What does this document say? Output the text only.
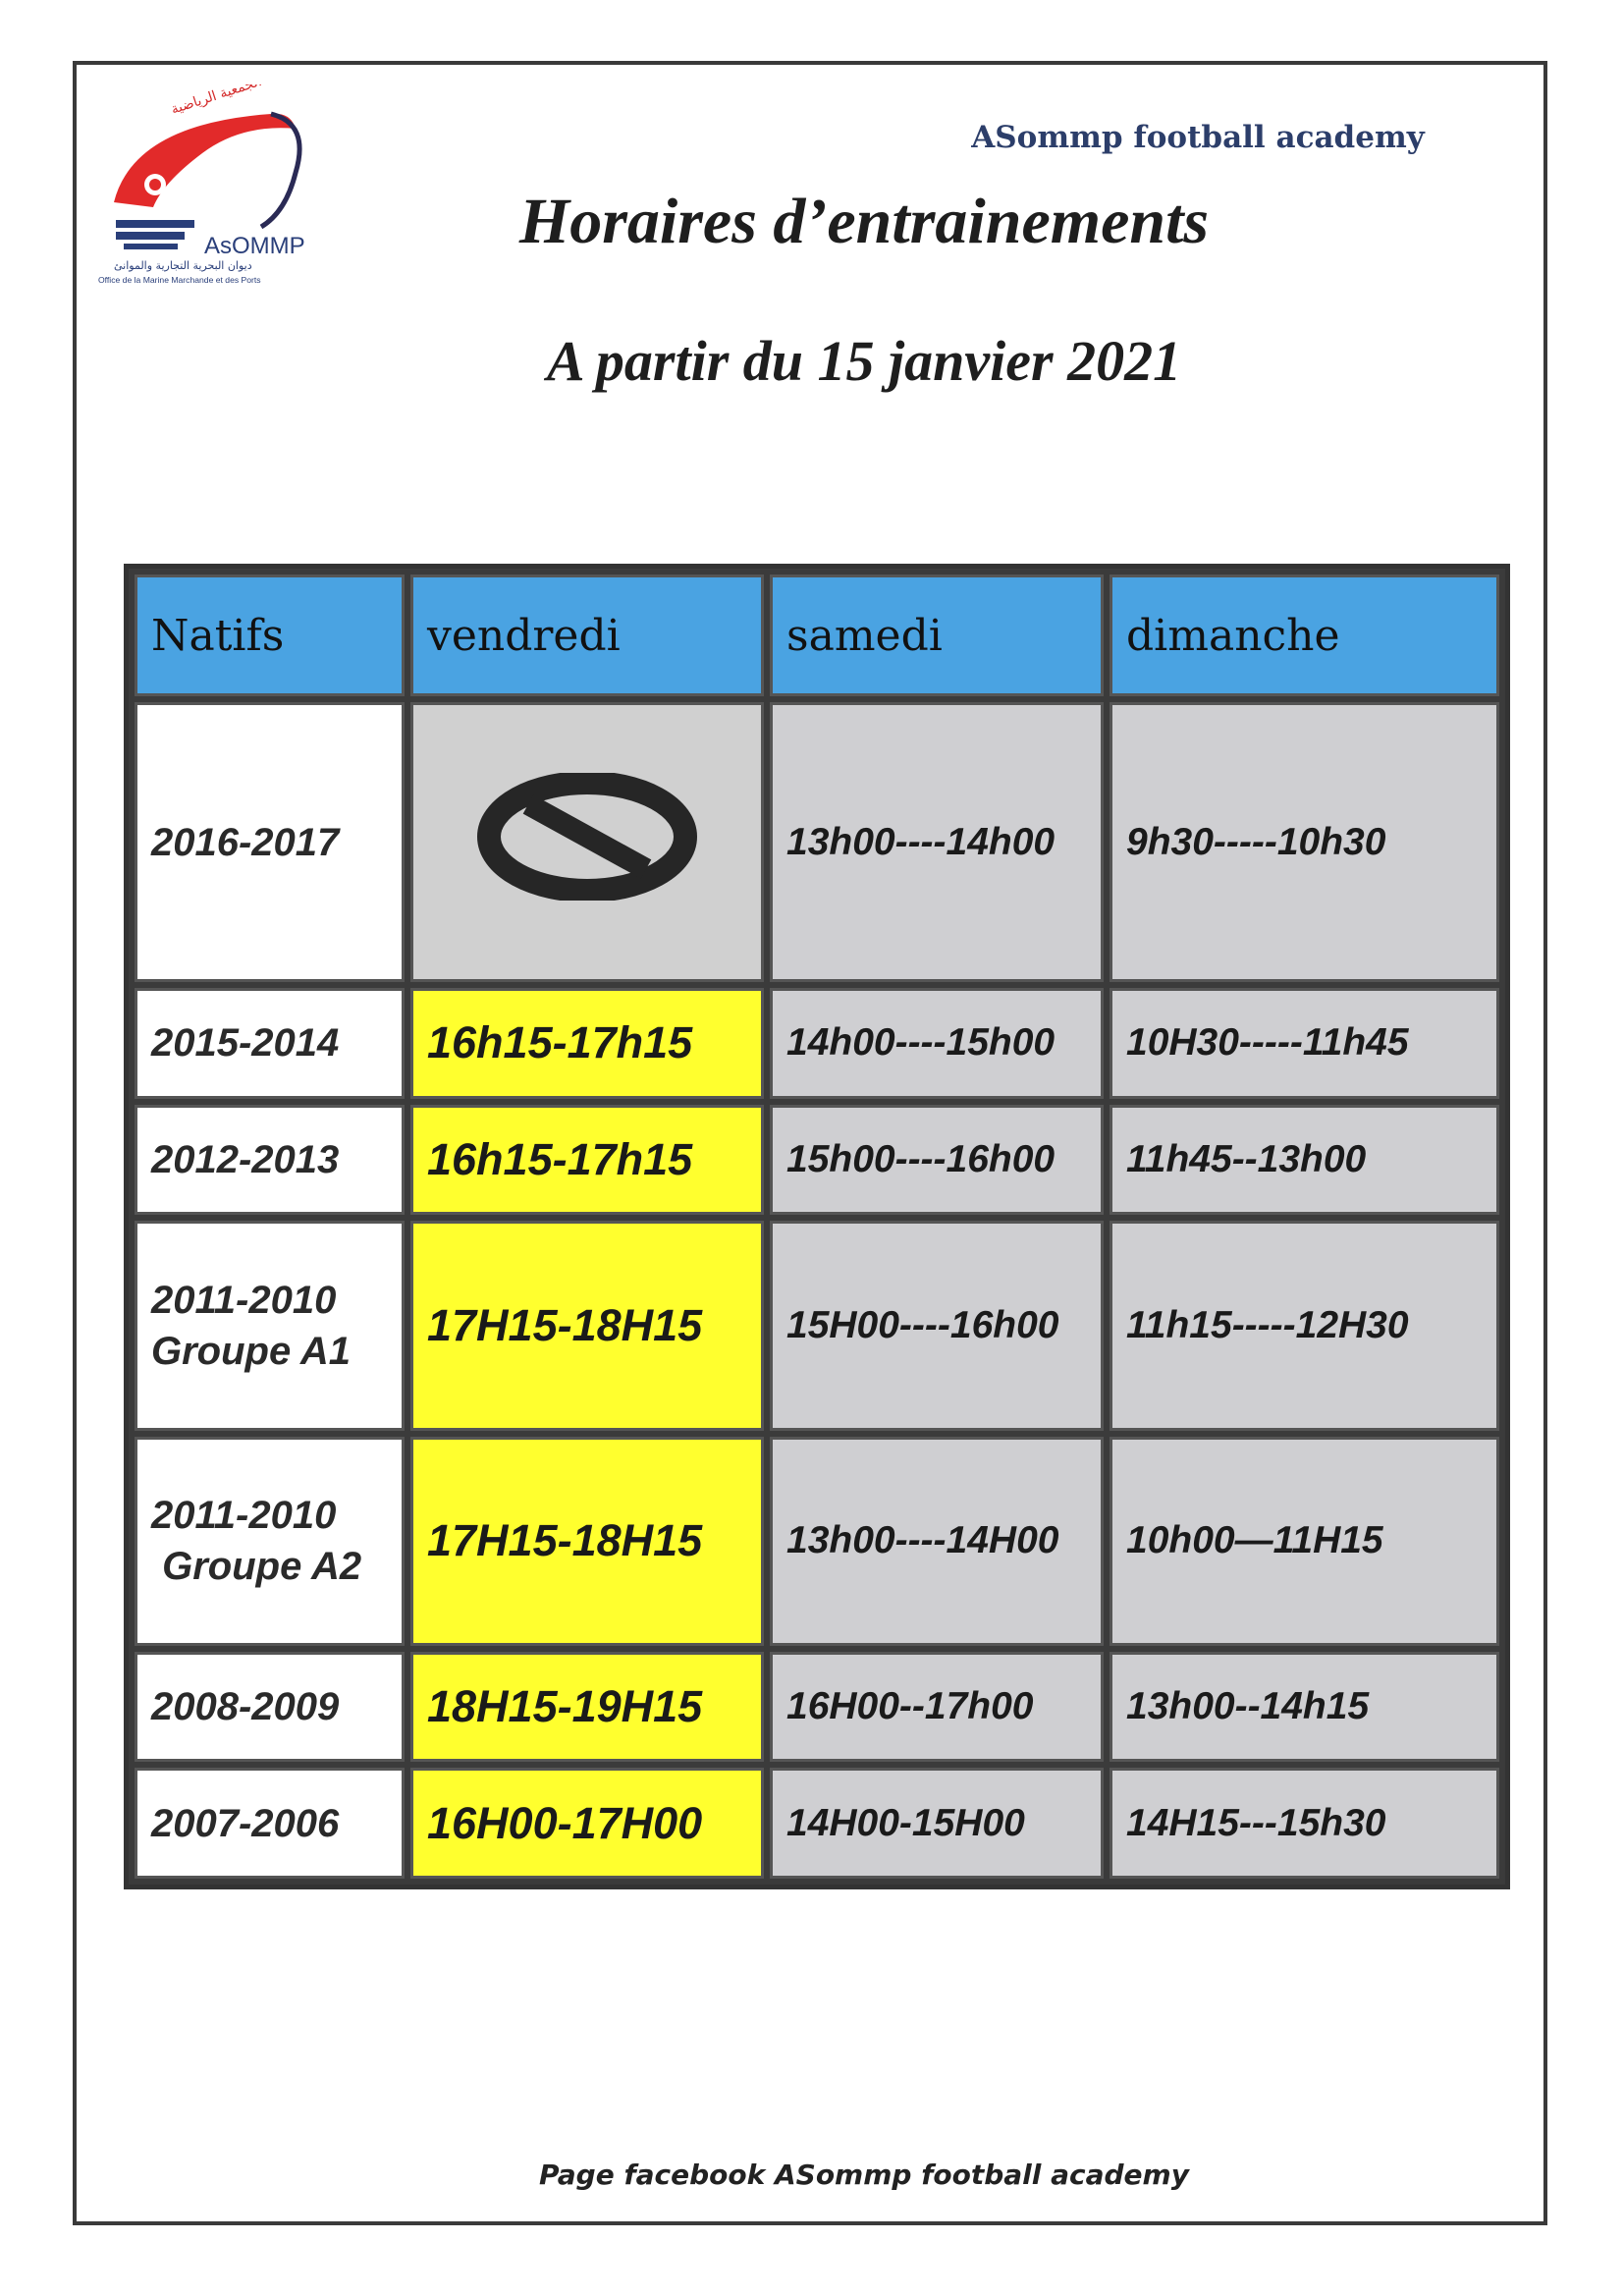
الجمعية الرياضية
AsOMMP
ديوان البحرية التجارية والموانئ
Office de la Marine Marchande et des Ports
ASommp football academy
Horaires d’entrainements
A partir du 15 janvier 2021
Natifs	vendredi	samedi	dimanche
2016-2017		13h00----14h00	9h30-----10h30
2015-2014	16h15-17h15	14h00----15h00	10H30-----11h45
2012-2013	16h15-17h15	15h00----16h00	11h45--13h00
2011-2010
Groupe A1	17H15-18H15	15H00----16h00	11h15-----12H30
2011-2010
Groupe A2	17H15-18H15	13h00----14H00	10h00—11H15
2008-2009	18H15-19H15	16H00--17h00	13h00--14h15
2007-2006	16H00-17H00	14H00-15H00	14H15---15h30
Page facebook ASommp football academy
